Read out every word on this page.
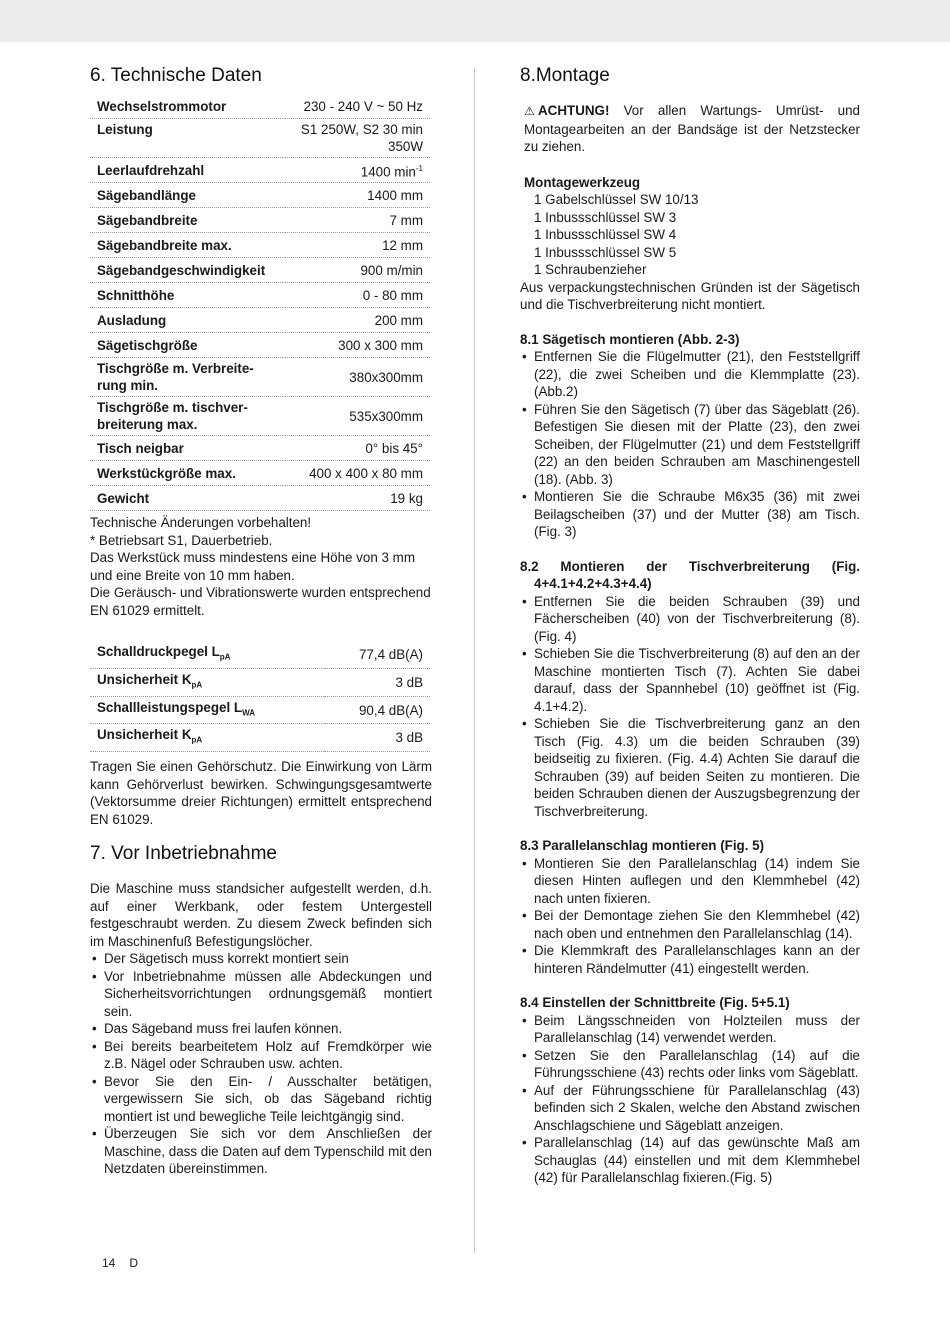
6. Technische Daten
Wechselstrommotor	230 - 240 V ~ 50 Hz
Leistung	S1 250W, S2 30 min
350W

Leerlaufdrehzahl	1400 $\min^{-1}$
Sägebandlänge	1400 mm
Sägebandbreite	7 mm
Sägebandbreite max.	12 mm
Sägebandgeschwindigkeit	900 m/min
Schnitthöhe	0 - 80 mm
Ausladung	200 mm
Sägetischgröße	300 x 300 mm

Tischgröße m. Verbreite-
rung min.	380x300mm

Tischgröße m. tischver-
breiterung max.	535x300mm
Tisch neigbar	0° bis 45°
Werkstückgröße max.	400 x 400 x 80 mm
Gewicht	19 kg

Technische Änderungen vorbehalten!

* Betriebsart S1, Dauerbetrieb.

Das Werkstück muss mindestens eine Höhe von 3 mm und eine Breite von 10 mm haben.

Die Geräusch- und Vibrationswerte wurden entsprechend EN 61029 ermittelt.

Schalldruckpegel $L_{pA}$	77,4 dB(A)
Unsicherheit $K_{pA}$	3 dB
Schallleistungspegel $L_{WA}$	90,4 dB(A)
Unsicherheit $K_{pA}$	3 dB

Tragen Sie einen Gehörschutz. Die Einwirkung von Lärm kann Gehörverlust bewirken. Schwingungsgesamtwerte (Vektorsumme dreier Richtungen) ermittelt entsprechend EN 61029.

7. Vor Inbetriebnahme

Die Maschine muss standsicher aufgestellt werden, d.h. auf einer Werkbank, oder festem Untergestell festgeschraubt werden. Zu diesem Zweck befinden sich im Maschinenfuß Befestigungslöcher.

• Der Sägetisch muss korrekt montiert sein
• Vor Inbetriebnahme müssen alle Abdeckungen und Sicherheitsvorrichtungen ordnungsgemäß montiert sein.
• Das Sägeband muss frei laufen können.
• Bei bereits bearbeitetem Holz auf Fremdkörper wie z.B. Nägel oder Schrauben usw. achten.
• Bevor Sie den Ein- / Ausschalter betätigen, vergewissern Sie sich, ob das Sägeband richtig montiert ist und bewegliche Teile leichtgängig sind.
• Überzeugen Sie sich vor dem Anschließen der Maschine, dass die Daten auf dem Typenschild mit den Netzdaten übereinstimmen.
8.Montage

⚠ ACHTUNG! Vor allen Wartungs- Umrüst- und Montagearbeiten an der Bandsäge ist der Netzstecker zu ziehen.

Montagewerkzeug

1 Gabelschlüssel SW 10/13
1 Inbussschlüssel SW 3
1 Inbussschlüssel SW 4
1 Inbussschlüssel SW 5
1 Schraubenzieher

Aus verpackungstechnischen Gründen ist der Sägetisch und die Tischverbreiterung nicht montiert.

8.1 Sägetisch montieren (Abb. 2-3)

• Entfernen Sie die Flügelmutter (21), den Feststellgriff (22), die zwei Scheiben und die Klemmplatte (23). (Abb.2)
• Führen Sie den Sägetisch (7) über das Sägeblatt (26). Befestigen Sie diesen mit der Platte (23), den zwei Scheiben, der Flügelmutter (21) und dem Feststellgriff (22) an den beiden Schrauben am Maschinengestell (18). (Abb. 3)
• Montieren Sie die Schraube M6x35 (36) mit zwei Beilagscheiben (37) und der Mutter (38) am Tisch. (Fig. 3)

8.2 Montieren der Tischverbreiterung (Fig. 4+4.1+4.2+4.3+4.4)

• Entfernen Sie die beiden Schrauben (39) und Fächerscheiben (40) von der Tischverbreiterung (8). (Fig. 4)
• Schieben Sie die Tischverbreiterung (8) auf den an der Maschine montierten Tisch (7). Achten Sie dabei darauf, dass der Spannhebel (10) geöffnet ist (Fig. 4.1+4.2).
• Schieben Sie die Tischverbreiterung ganz an den Tisch (Fig. 4.3) um die beiden Schrauben (39) beidseitig zu fixieren. (Fig. 4.4) Achten Sie darauf die Schrauben (39) auf beiden Seiten zu montieren. Die beiden Schrauben dienen der Auszugsbegrenzung der Tischverbreiterung.

8.3 Parallelanschlag montieren (Fig. 5)

• Montieren Sie den Parallelanschlag (14) indem Sie diesen Hinten auflegen und den Klemmhebel (42) nach unten fixieren.
• Bei der Demontage ziehen Sie den Klemmhebel (42) nach oben und entnehmen den Parallelanschlag (14).
• Die Klemmkraft des Parallelanschlages kann an der hinteren Rändelmutter (41) eingestellt werden.

8.4 Einstellen der Schnittbreite (Fig. 5+5.1)

• Beim Längsschneiden von Holzteilen muss der Parallelanschlag (14) verwendet werden.
• Setzen Sie den Parallelanschlag (14) auf die Führungsschiene (43) rechts oder links vom Sägeblatt.
• Auf der Führungsschiene für Parallelanschlag (43) befinden sich 2 Skalen, welche den Abstand zwischen Anschlagschiene und Sägeblatt anzeigen.
• Parallelanschlag (14) auf das gewünschte Maß am Schauglas (44) einstellen und mit dem Klemmhebel (42) für Parallelanschlag fixieren.(Fig. 5)
14 D
